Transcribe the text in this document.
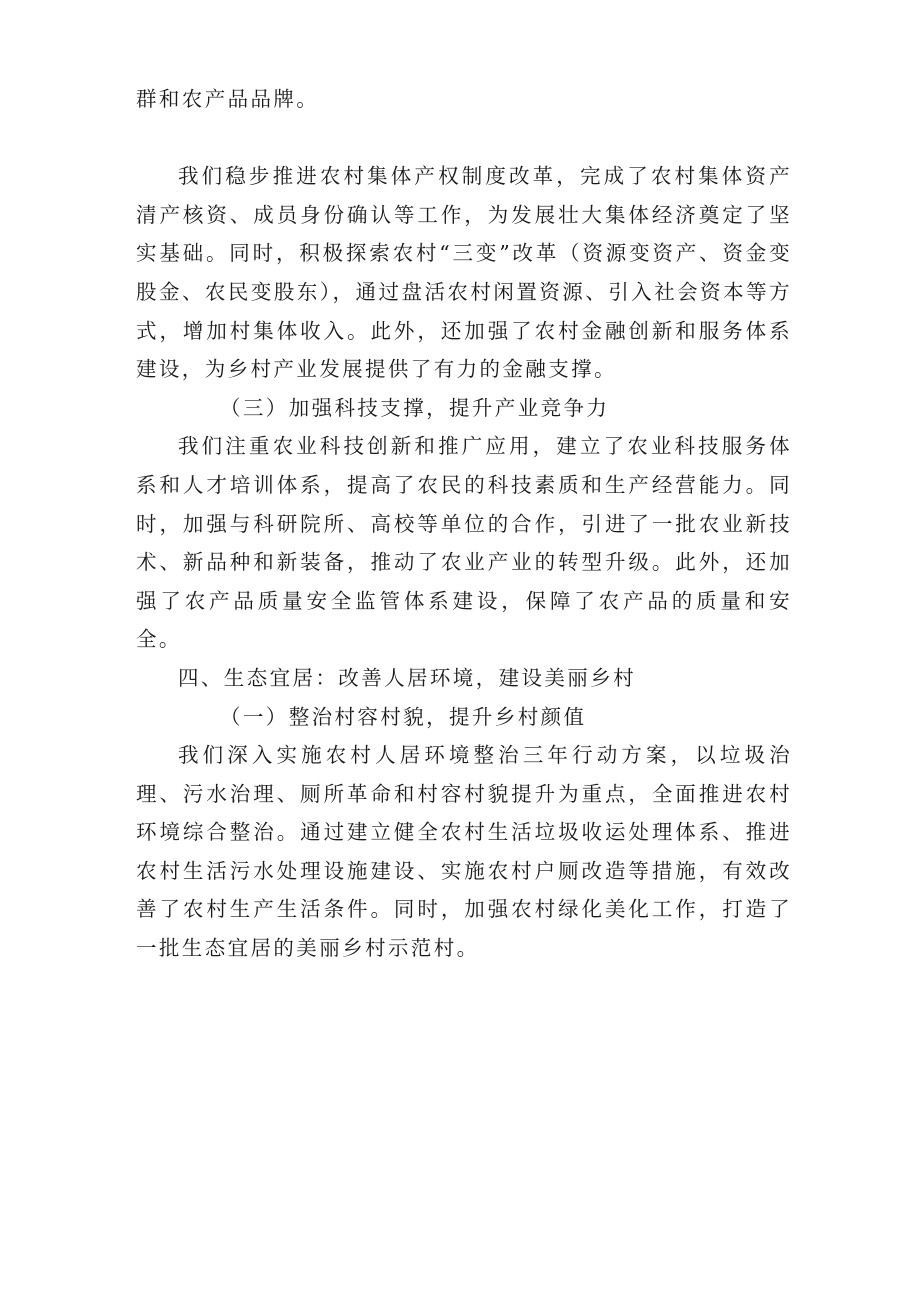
群和农产品品牌。

我们稳步推进农村集体产权制度改革，完成了农村集体资产清产核资、成员身份确认等工作，为发展壮大集体经济奠定了坚实基础。同时，积极探索农村“三变”改革（资源变资产、资金变股金、农民变股东），通过盘活农村闲置资源、引入社会资本等方式，增加村集体收入。此外，还加强了农村金融创新和服务体系建设，为乡村产业发展提供了有力的金融支撑。

（三）加强科技支撑，提升产业竞争力

我们注重农业科技创新和推广应用，建立了农业科技服务体系和人才培训体系，提高了农民的科技素质和生产经营能力。同时，加强与科研院所、高校等单位的合作，引进了一批农业新技术、新品种和新装备，推动了农业产业的转型升级。此外，还加强了农产品质量安全监管体系建设，保障了农产品的质量和安全。

四、生态宜居：改善人居环境，建设美丽乡村

（一）整治村容村貌，提升乡村颜值

我们深入实施农村人居环境整治三年行动方案，以垃圾治理、污水治理、厕所革命和村容村貌提升为重点，全面推进农村环境综合整治。通过建立健全农村生活垃圾收运处理体系、推进农村生活污水处理设施建设、实施农村户厕改造等措施，有效改善了农村生产生活条件。同时，加强农村绿化美化工作，打造了一批生态宜居的美丽乡村示范村。
